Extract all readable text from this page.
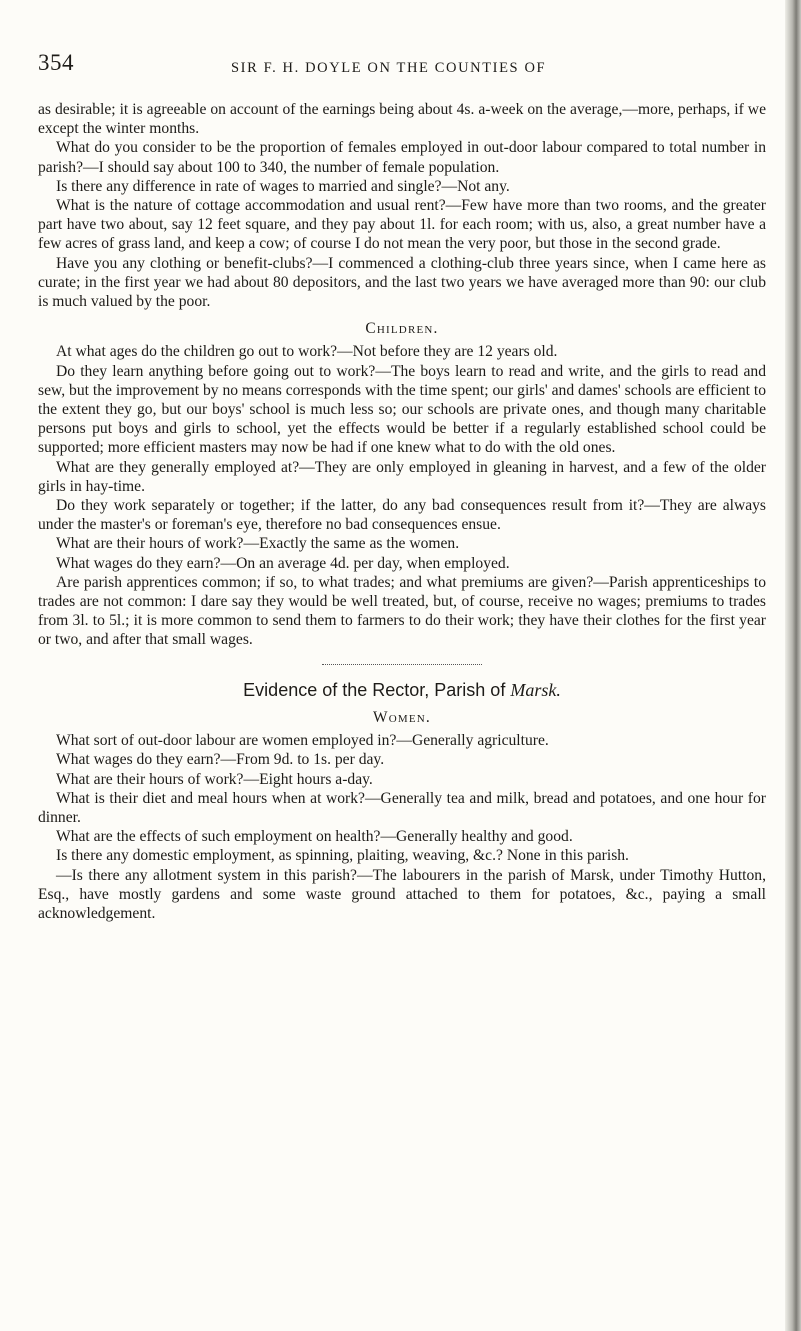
354	SIR F. H. DOYLE ON THE COUNTIES OF

as desirable; it is agreeable on account of the earnings being about 4s. a-week on the average,—more, perhaps, if we except the winter months.

What do you consider to be the proportion of females employed in out-door labour compared to total number in parish?—I should say about 100 to 340, the number of female population.

Is there any difference in rate of wages to married and single?—Not any.

What is the nature of cottage accommodation and usual rent?—Few have more than two rooms, and the greater part have two about, say 12 feet square, and they pay about 1l. for each room; with us, also, a great number have a few acres of grass land, and keep a cow; of course I do not mean the very poor, but those in the second grade.

Have you any clothing or benefit-clubs?—I commenced a clothing-club three years since, when I came here as curate; in the first year we had about 80 depositors, and the last two years we have averaged more than 90: our club is much valued by the poor.

Children.

At what ages do the children go out to work?—Not before they are 12 years old.

Do they learn anything before going out to work?—The boys learn to read and write, and the girls to read and sew, but the improvement by no means corresponds with the time spent; our girls' and dames' schools are efficient to the extent they go, but our boys' school is much less so; our schools are private ones, and though many charitable persons put boys and girls to school, yet the effects would be better if a regularly established school could be supported; more efficient masters may now be had if one knew what to do with the old ones.

What are they generally employed at?—They are only employed in gleaning in harvest, and a few of the older girls in hay-time.

Do they work separately or together; if the latter, do any bad consequences result from it?—They are always under the master's or foreman's eye, therefore no bad consequences ensue.

What are their hours of work?—Exactly the same as the women.

What wages do they earn?—On an average 4d. per day, when employed.

Are parish apprentices common; if so, to what trades; and what premiums are given?—Parish apprenticeships to trades are not common: I dare say they would be well treated, but, of course, receive no wages; premiums to trades from 3l. to 5l.; it is more common to send them to farmers to do their work; they have their clothes for the first year or two, and after that small wages.

Evidence of the Rector, Parish of Marsk.

Women.

What sort of out-door labour are women employed in?—Generally agriculture.

What wages do they earn?—From 9d. to 1s. per day.

What are their hours of work?—Eight hours a-day.

What is their diet and meal hours when at work?—Generally tea and milk, bread and potatoes, and one hour for dinner.

What are the effects of such employment on health?—Generally healthy and good.

Is there any domestic employment, as spinning, plaiting, weaving, &c.? None in this parish.

—Is there any allotment system in this parish?—The labourers in the parish of Marsk, under Timothy Hutton, Esq., have mostly gardens and some waste ground attached to them for potatoes, &c., paying a small acknowledgement.
